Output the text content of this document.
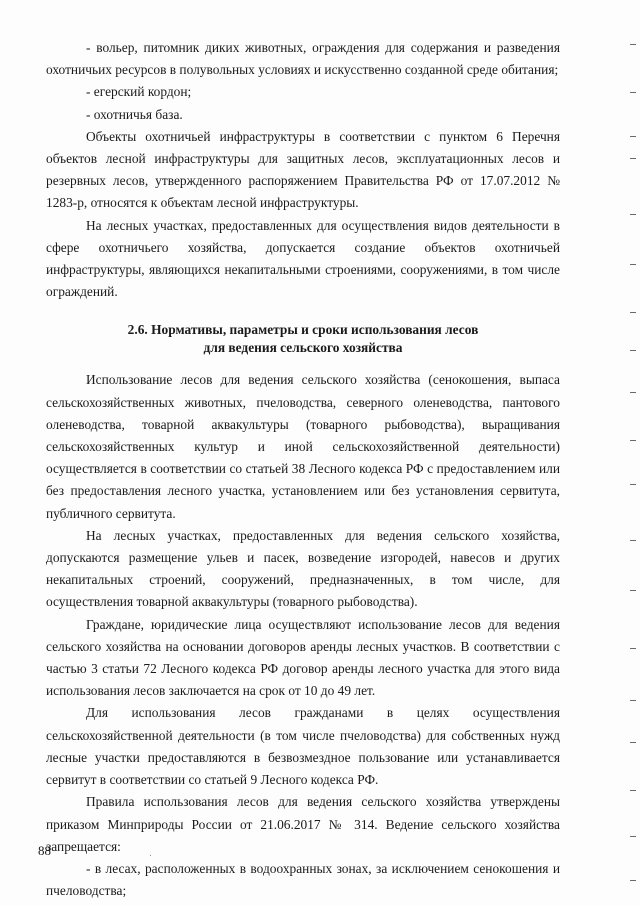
- вольер, питомник диких животных, ограждения для содержания и разведения охотничьих ресурсов в полувольных условиях и искусственно созданной среде обитания;

- егерский кордон;

- охотничья база.

Объекты охотничьей инфраструктуры в соответствии с пунктом 6 Перечня объектов лесной инфраструктуры для защитных лесов, эксплуатационных лесов и резервных лесов, утвержденного распоряжением Правительства РФ от 17.07.2012 № 1283-р, относятся к объектам лесной инфраструктуры.

На лесных участках, предоставленных для осуществления видов деятельности в сфере охотничьего хозяйства, допускается создание объектов охотничьей инфраструктуры, являющихся некапитальными строениями, сооружениями, в том числе ограждений.

2.6. Нормативы, параметры и сроки использования лесов
для ведения сельского хозяйства

Использование лесов для ведения сельского хозяйства (сенокошения, выпаса сельскохозяйственных животных, пчеловодства, северного оленеводства, пантового оленеводства, товарной аквакультуры (товарного рыбоводства), выращивания сельскохозяйственных культур и иной сельскохозяйственной деятельности) осуществляется в соответствии со статьей 38 Лесного кодекса РФ с предоставлением или без предоставления лесного участка, установлением или без установления сервитута, публичного сервитута.

На лесных участках, предоставленных для ведения сельского хозяйства, допускаются размещение ульев и пасек, возведение изгородей, навесов и других некапитальных строений, сооружений, предназначенных, в том числе, для осуществления товарной аквакультуры (товарного рыбоводства).

Граждане, юридические лица осуществляют использование лесов для ведения сельского хозяйства на основании договоров аренды лесных участков. В соответствии с частью 3 статьи 72 Лесного кодекса РФ договор аренды лесного участка для этого вида использования лесов заключается на срок от 10 до 49 лет.

Для использования лесов гражданами в целях осуществления сельскохозяйственной деятельности (в том числе пчеловодства) для собственных нужд лесные участки предоставляются в безвозмездное пользование или устанавливается сервитут в соответствии со статьей 9 Лесного кодекса РФ.

Правила использования лесов для ведения сельского хозяйства утверждены приказом Минприроды России от 21.06.2017 № 314. Ведение сельского хозяйства запрещается:

- в лесах, расположенных в водоохранных зонах, за исключением сенокошения и пчеловодства;

88
